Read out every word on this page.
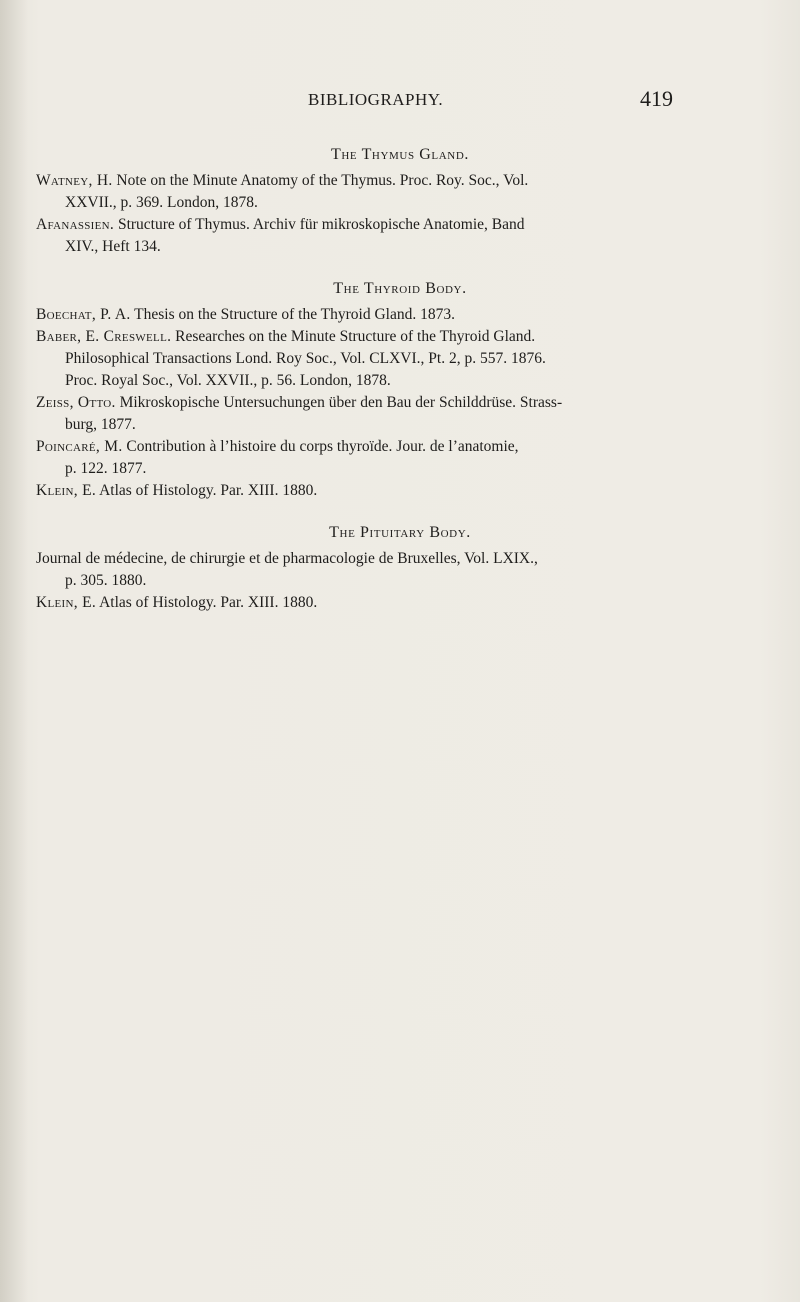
BIBLIOGRAPHY.	419
The Thymus Gland.
Watney, H. Note on the Minute Anatomy of the Thymus. Proc. Roy. Soc., Vol.
XXVII., p. 369. London, 1878.
Afanassien. Structure of Thymus. Archiv für mikroskopische Anatomie, Band
XIV., Heft 134.
The Thyroid Body.
Boechat, P. A. Thesis on the Structure of the Thyroid Gland. 1873.
Baber, E. Creswell. Researches on the Minute Structure of the Thyroid Gland.
Philosophical Transactions Lond. Roy Soc., Vol. CLXVI., Pt. 2, p. 557. 1876.
Proc. Royal Soc., Vol. XXVII., p. 56. London, 1878.
Zeiss, Otto. Mikroskopische Untersuchungen über den Bau der Schilddrüse. Strass-
burg, 1877.
Poincaré, M. Contribution à l’histoire du corps thyroïde. Jour. de l’anatomie,
p. 122. 1877.
Klein, E. Atlas of Histology. Par. XIII. 1880.
The Pituitary Body.
Journal de médecine, de chirurgie et de pharmacologie de Bruxelles, Vol. LXIX.,
p. 305. 1880.
Klein, E. Atlas of Histology. Par. XIII. 1880.
